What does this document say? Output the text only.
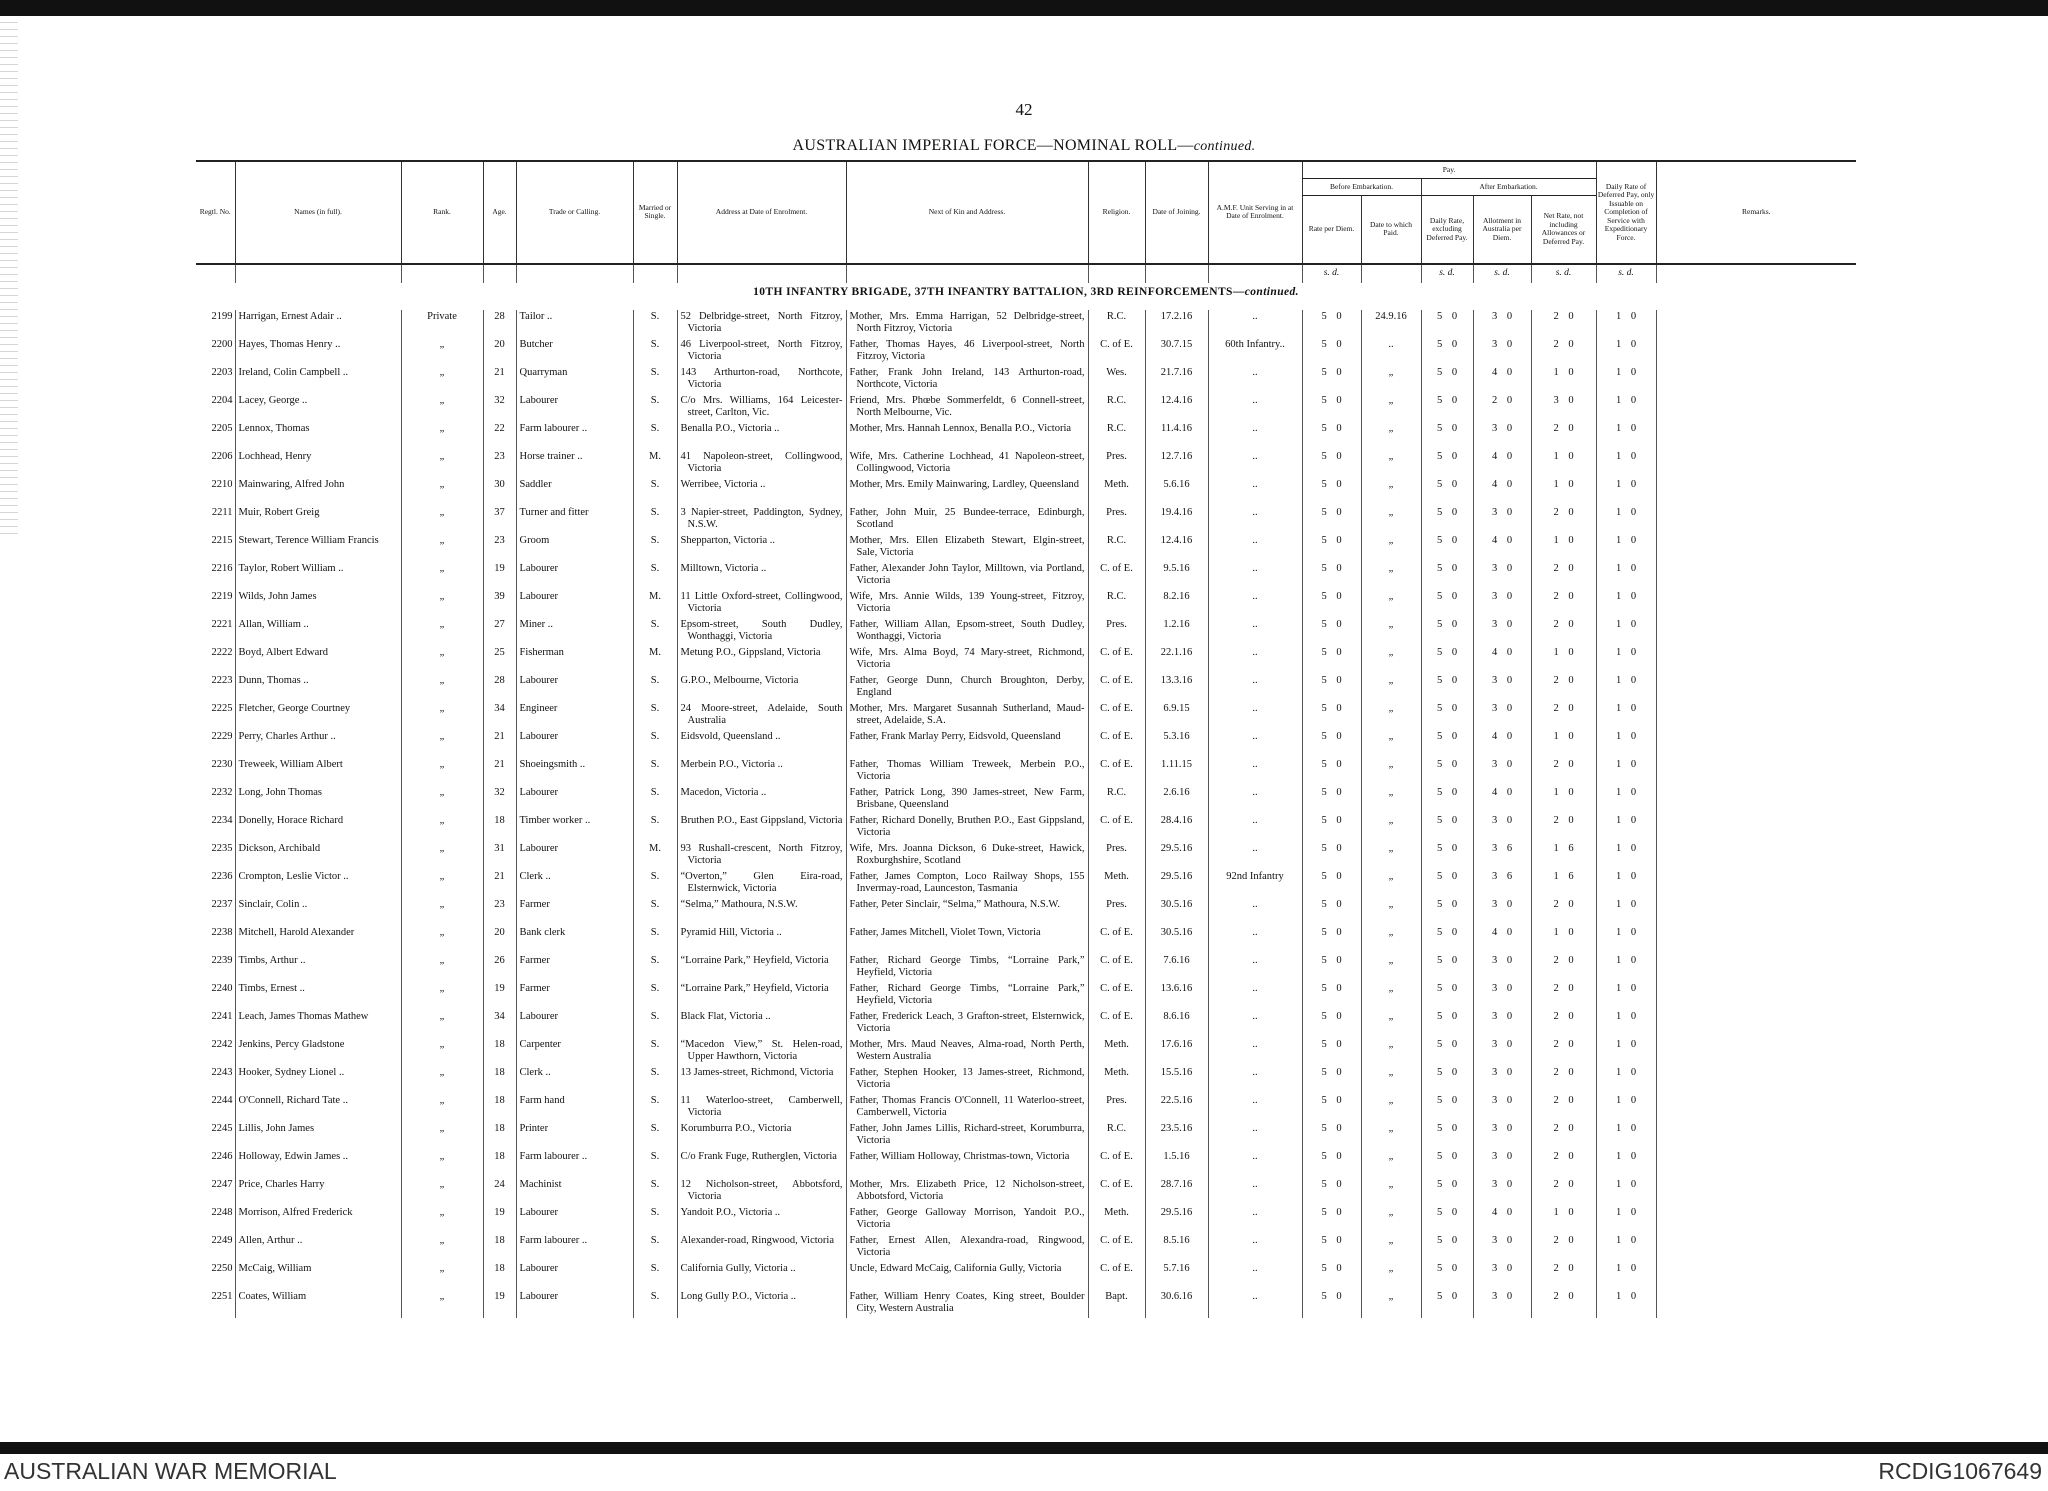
42
AUSTRALIAN IMPERIAL FORCE—NOMINAL ROLL—continued.
Regtl. No.	Names (in full).	Rank.	Age.	Trade or Calling.	Married or Single.	Address at Date of Enrolment.	Next of Kin and Address.	Religion.	Date of Joining.	A.M.F. Unit Serving in at Date of Enrolment.	Pay.					Daily Rate of Deferred Pay, only Issuable on Completion of Service with Expeditionary Force.	Remarks.
											Before Embarkation.		After Embarkation.				
											Rate per Diem.	Date to which Paid.	Daily Rate, excluding Deferred Pay.	Allotment in Australia per Diem.	Net Rate, not including Allowances or Deferred Pay.		
											s. d.		s. d.	s. d.	s. d.	s. d.	
10TH INFANTRY BRIGADE, 37TH INFANTRY BATTALION, 3RD REINFORCEMENTS—continued.																	
2199	Harrigan, Ernest Adair ..	Private	28	Tailor ..	S.	52 Delbridge-street, North Fitzroy, Victoria	Mother, Mrs. Emma Harrigan, 52 Delbridge-street, North Fitzroy, Victoria	R.C.	17.2.16	..	5 0	24.9.16	5 0	3 0	2 0	1 0	
2200	Hayes, Thomas Henry ..	„	20	Butcher	S.	46 Liverpool-street, North Fitzroy, Victoria	Father, Thomas Hayes, 46 Liverpool-street, North Fitzroy, Victoria	C. of E.	30.7.15	60th Infantry..	5 0	..	5 0	3 0	2 0	1 0	
2203	Ireland, Colin Campbell ..	„	21	Quarryman	S.	143 Arthurton-road, Northcote, Victoria	Father, Frank John Ireland, 143 Arthurton-road, Northcote, Victoria	Wes.	21.7.16	..	5 0	„	5 0	4 0	1 0	1 0	
2204	Lacey, George ..	„	32	Labourer	S.	C/o Mrs. Williams, 164 Leicester-street, Carlton, Vic.	Friend, Mrs. Phœbe Sommerfeldt, 6 Connell-street, North Melbourne, Vic.	R.C.	12.4.16	..	5 0	„	5 0	2 0	3 0	1 0	
2205	Lennox, Thomas	„	22	Farm labourer ..	S.	Benalla P.O., Victoria ..	Mother, Mrs. Hannah Lennox, Benalla P.O., Victoria	R.C.	11.4.16	..	5 0	„	5 0	3 0	2 0	1 0	
2206	Lochhead, Henry	„	23	Horse trainer ..	M.	41 Napoleon-street, Collingwood, Victoria	Wife, Mrs. Catherine Lochhead, 41 Napoleon-street, Collingwood, Victoria	Pres.	12.7.16	..	5 0	„	5 0	4 0	1 0	1 0	
2210	Mainwaring, Alfred John	„	30	Saddler	S.	Werribee, Victoria ..	Mother, Mrs. Emily Mainwaring, Lardley, Queensland	Meth.	5.6.16	..	5 0	„	5 0	4 0	1 0	1 0	
2211	Muir, Robert Greig	„	37	Turner and fitter	S.	3 Napier-street, Paddington, Sydney, N.S.W.	Father, John Muir, 25 Bundee-terrace, Edinburgh, Scotland	Pres.	19.4.16	..	5 0	„	5 0	3 0	2 0	1 0	
2215	Stewart, Terence William Francis	„	23	Groom	S.	Shepparton, Victoria ..	Mother, Mrs. Ellen Elizabeth Stewart, Elgin-street, Sale, Victoria	R.C.	12.4.16	..	5 0	„	5 0	4 0	1 0	1 0	
2216	Taylor, Robert William ..	„	19	Labourer	S.	Milltown, Victoria ..	Father, Alexander John Taylor, Milltown, via Portland, Victoria	C. of E.	9.5.16	..	5 0	„	5 0	3 0	2 0	1 0	
2219	Wilds, John James	„	39	Labourer	M.	11 Little Oxford-street, Collingwood, Victoria	Wife, Mrs. Annie Wilds, 139 Young-street, Fitzroy, Victoria	R.C.	8.2.16	..	5 0	„	5 0	3 0	2 0	1 0	
2221	Allan, William ..	„	27	Miner ..	S.	Epsom-street, South Dudley, Wonthaggi, Victoria	Father, William Allan, Epsom-street, South Dudley, Wonthaggi, Victoria	Pres.	1.2.16	..	5 0	„	5 0	3 0	2 0	1 0	
2222	Boyd, Albert Edward	„	25	Fisherman	M.	Metung P.O., Gippsland, Victoria	Wife, Mrs. Alma Boyd, 74 Mary-street, Richmond, Victoria	C. of E.	22.1.16	..	5 0	„	5 0	4 0	1 0	1 0	
2223	Dunn, Thomas ..	„	28	Labourer	S.	G.P.O., Melbourne, Victoria	Father, George Dunn, Church Broughton, Derby, England	C. of E.	13.3.16	..	5 0	„	5 0	3 0	2 0	1 0	
2225	Fletcher, George Courtney	„	34	Engineer	S.	24 Moore-street, Adelaide, South Australia	Mother, Mrs. Margaret Susannah Sutherland, Maud-street, Adelaide, S.A.	C. of E.	6.9.15	..	5 0	„	5 0	3 0	2 0	1 0	
2229	Perry, Charles Arthur ..	„	21	Labourer	S.	Eidsvold, Queensland ..	Father, Frank Marlay Perry, Eidsvold, Queensland	C. of E.	5.3.16	..	5 0	„	5 0	4 0	1 0	1 0	
2230	Treweek, William Albert	„	21	Shoeingsmith ..	S.	Merbein P.O., Victoria ..	Father, Thomas William Treweek, Merbein P.O., Victoria	C. of E.	1.11.15	..	5 0	„	5 0	3 0	2 0	1 0	
2232	Long, John Thomas	„	32	Labourer	S.	Macedon, Victoria ..	Father, Patrick Long, 390 James-street, New Farm, Brisbane, Queensland	R.C.	2.6.16	..	5 0	„	5 0	4 0	1 0	1 0	
2234	Donelly, Horace Richard	„	18	Timber worker ..	S.	Bruthen P.O., East Gippsland, Victoria	Father, Richard Donelly, Bruthen P.O., East Gippsland, Victoria	C. of E.	28.4.16	..	5 0	„	5 0	3 0	2 0	1 0	
2235	Dickson, Archibald	„	31	Labourer	M.	93 Rushall-crescent, North Fitzroy, Victoria	Wife, Mrs. Joanna Dickson, 6 Duke-street, Hawick, Roxburghshire, Scotland	Pres.	29.5.16	..	5 0	„	5 0	3 6	1 6	1 0	
2236	Crompton, Leslie Victor ..	„	21	Clerk ..	S.	“Overton,” Glen Eira-road, Elsternwick, Victoria	Father, James Compton, Loco Railway Shops, 155 Invermay-road, Launceston, Tasmania	Meth.	29.5.16	92nd Infantry	5 0	„	5 0	3 6	1 6	1 0	
2237	Sinclair, Colin ..	„	23	Farmer	S.	“Selma,” Mathoura, N.S.W.	Father, Peter Sinclair, “Selma,” Mathoura, N.S.W.	Pres.	30.5.16	..	5 0	„	5 0	3 0	2 0	1 0	
2238	Mitchell, Harold Alexander	„	20	Bank clerk	S.	Pyramid Hill, Victoria ..	Father, James Mitchell, Violet Town, Victoria	C. of E.	30.5.16	..	5 0	„	5 0	4 0	1 0	1 0	
2239	Timbs, Arthur ..	„	26	Farmer	S.	“Lorraine Park,” Heyfield, Victoria	Father, Richard George Timbs, “Lorraine Park,” Heyfield, Victoria	C. of E.	7.6.16	..	5 0	„	5 0	3 0	2 0	1 0	
2240	Timbs, Ernest ..	„	19	Farmer	S.	“Lorraine Park,” Heyfield, Victoria	Father, Richard George Timbs, “Lorraine Park,” Heyfield, Victoria	C. of E.	13.6.16	..	5 0	„	5 0	3 0	2 0	1 0	
2241	Leach, James Thomas Mathew	„	34	Labourer	S.	Black Flat, Victoria ..	Father, Frederick Leach, 3 Grafton-street, Elsternwick, Victoria	C. of E.	8.6.16	..	5 0	„	5 0	3 0	2 0	1 0	
2242	Jenkins, Percy Gladstone	„	18	Carpenter	S.	“Macedon View,” St. Helen-road, Upper Hawthorn, Victoria	Mother, Mrs. Maud Neaves, Alma-road, North Perth, Western Australia	Meth.	17.6.16	..	5 0	„	5 0	3 0	2 0	1 0	
2243	Hooker, Sydney Lionel ..	„	18	Clerk ..	S.	13 James-street, Richmond, Victoria	Father, Stephen Hooker, 13 James-street, Richmond, Victoria	Meth.	15.5.16	..	5 0	„	5 0	3 0	2 0	1 0	
2244	O'Connell, Richard Tate ..	„	18	Farm hand	S.	11 Waterloo-street, Camberwell, Victoria	Father, Thomas Francis O'Connell, 11 Waterloo-street, Camberwell, Victoria	Pres.	22.5.16	..	5 0	„	5 0	3 0	2 0	1 0	
2245	Lillis, John James	„	18	Printer	S.	Korumburra P.O., Victoria	Father, John James Lillis, Richard-street, Korumburra, Victoria	R.C.	23.5.16	..	5 0	„	5 0	3 0	2 0	1 0	
2246	Holloway, Edwin James ..	„	18	Farm labourer ..	S.	C/o Frank Fuge, Rutherglen, Victoria	Father, William Holloway, Christmas-town, Victoria	C. of E.	1.5.16	..	5 0	„	5 0	3 0	2 0	1 0	
2247	Price, Charles Harry	„	24	Machinist	S.	12 Nicholson-street, Abbotsford, Victoria	Mother, Mrs. Elizabeth Price, 12 Nicholson-street, Abbotsford, Victoria	C. of E.	28.7.16	..	5 0	„	5 0	3 0	2 0	1 0	
2248	Morrison, Alfred Frederick	„	19	Labourer	S.	Yandoit P.O., Victoria ..	Father, George Galloway Morrison, Yandoit P.O., Victoria	Meth.	29.5.16	..	5 0	„	5 0	4 0	1 0	1 0	
2249	Allen, Arthur ..	„	18	Farm labourer ..	S.	Alexander-road, Ringwood, Victoria	Father, Ernest Allen, Alexandra-road, Ringwood, Victoria	C. of E.	8.5.16	..	5 0	„	5 0	3 0	2 0	1 0	
2250	McCaig, William	„	18	Labourer	S.	California Gully, Victoria ..	Uncle, Edward McCaig, California Gully, Victoria	C. of E.	5.7.16	..	5 0	„	5 0	3 0	2 0	1 0	
2251	Coates, William	„	19	Labourer	S.	Long Gully P.O., Victoria ..	Father, William Henry Coates, King street, Boulder City, Western Australia	Bapt.	30.6.16	..	5 0	„	5 0	3 0	2 0	1 0	
AUSTRALIAN WAR MEMORIAL	RCDIG1067649
